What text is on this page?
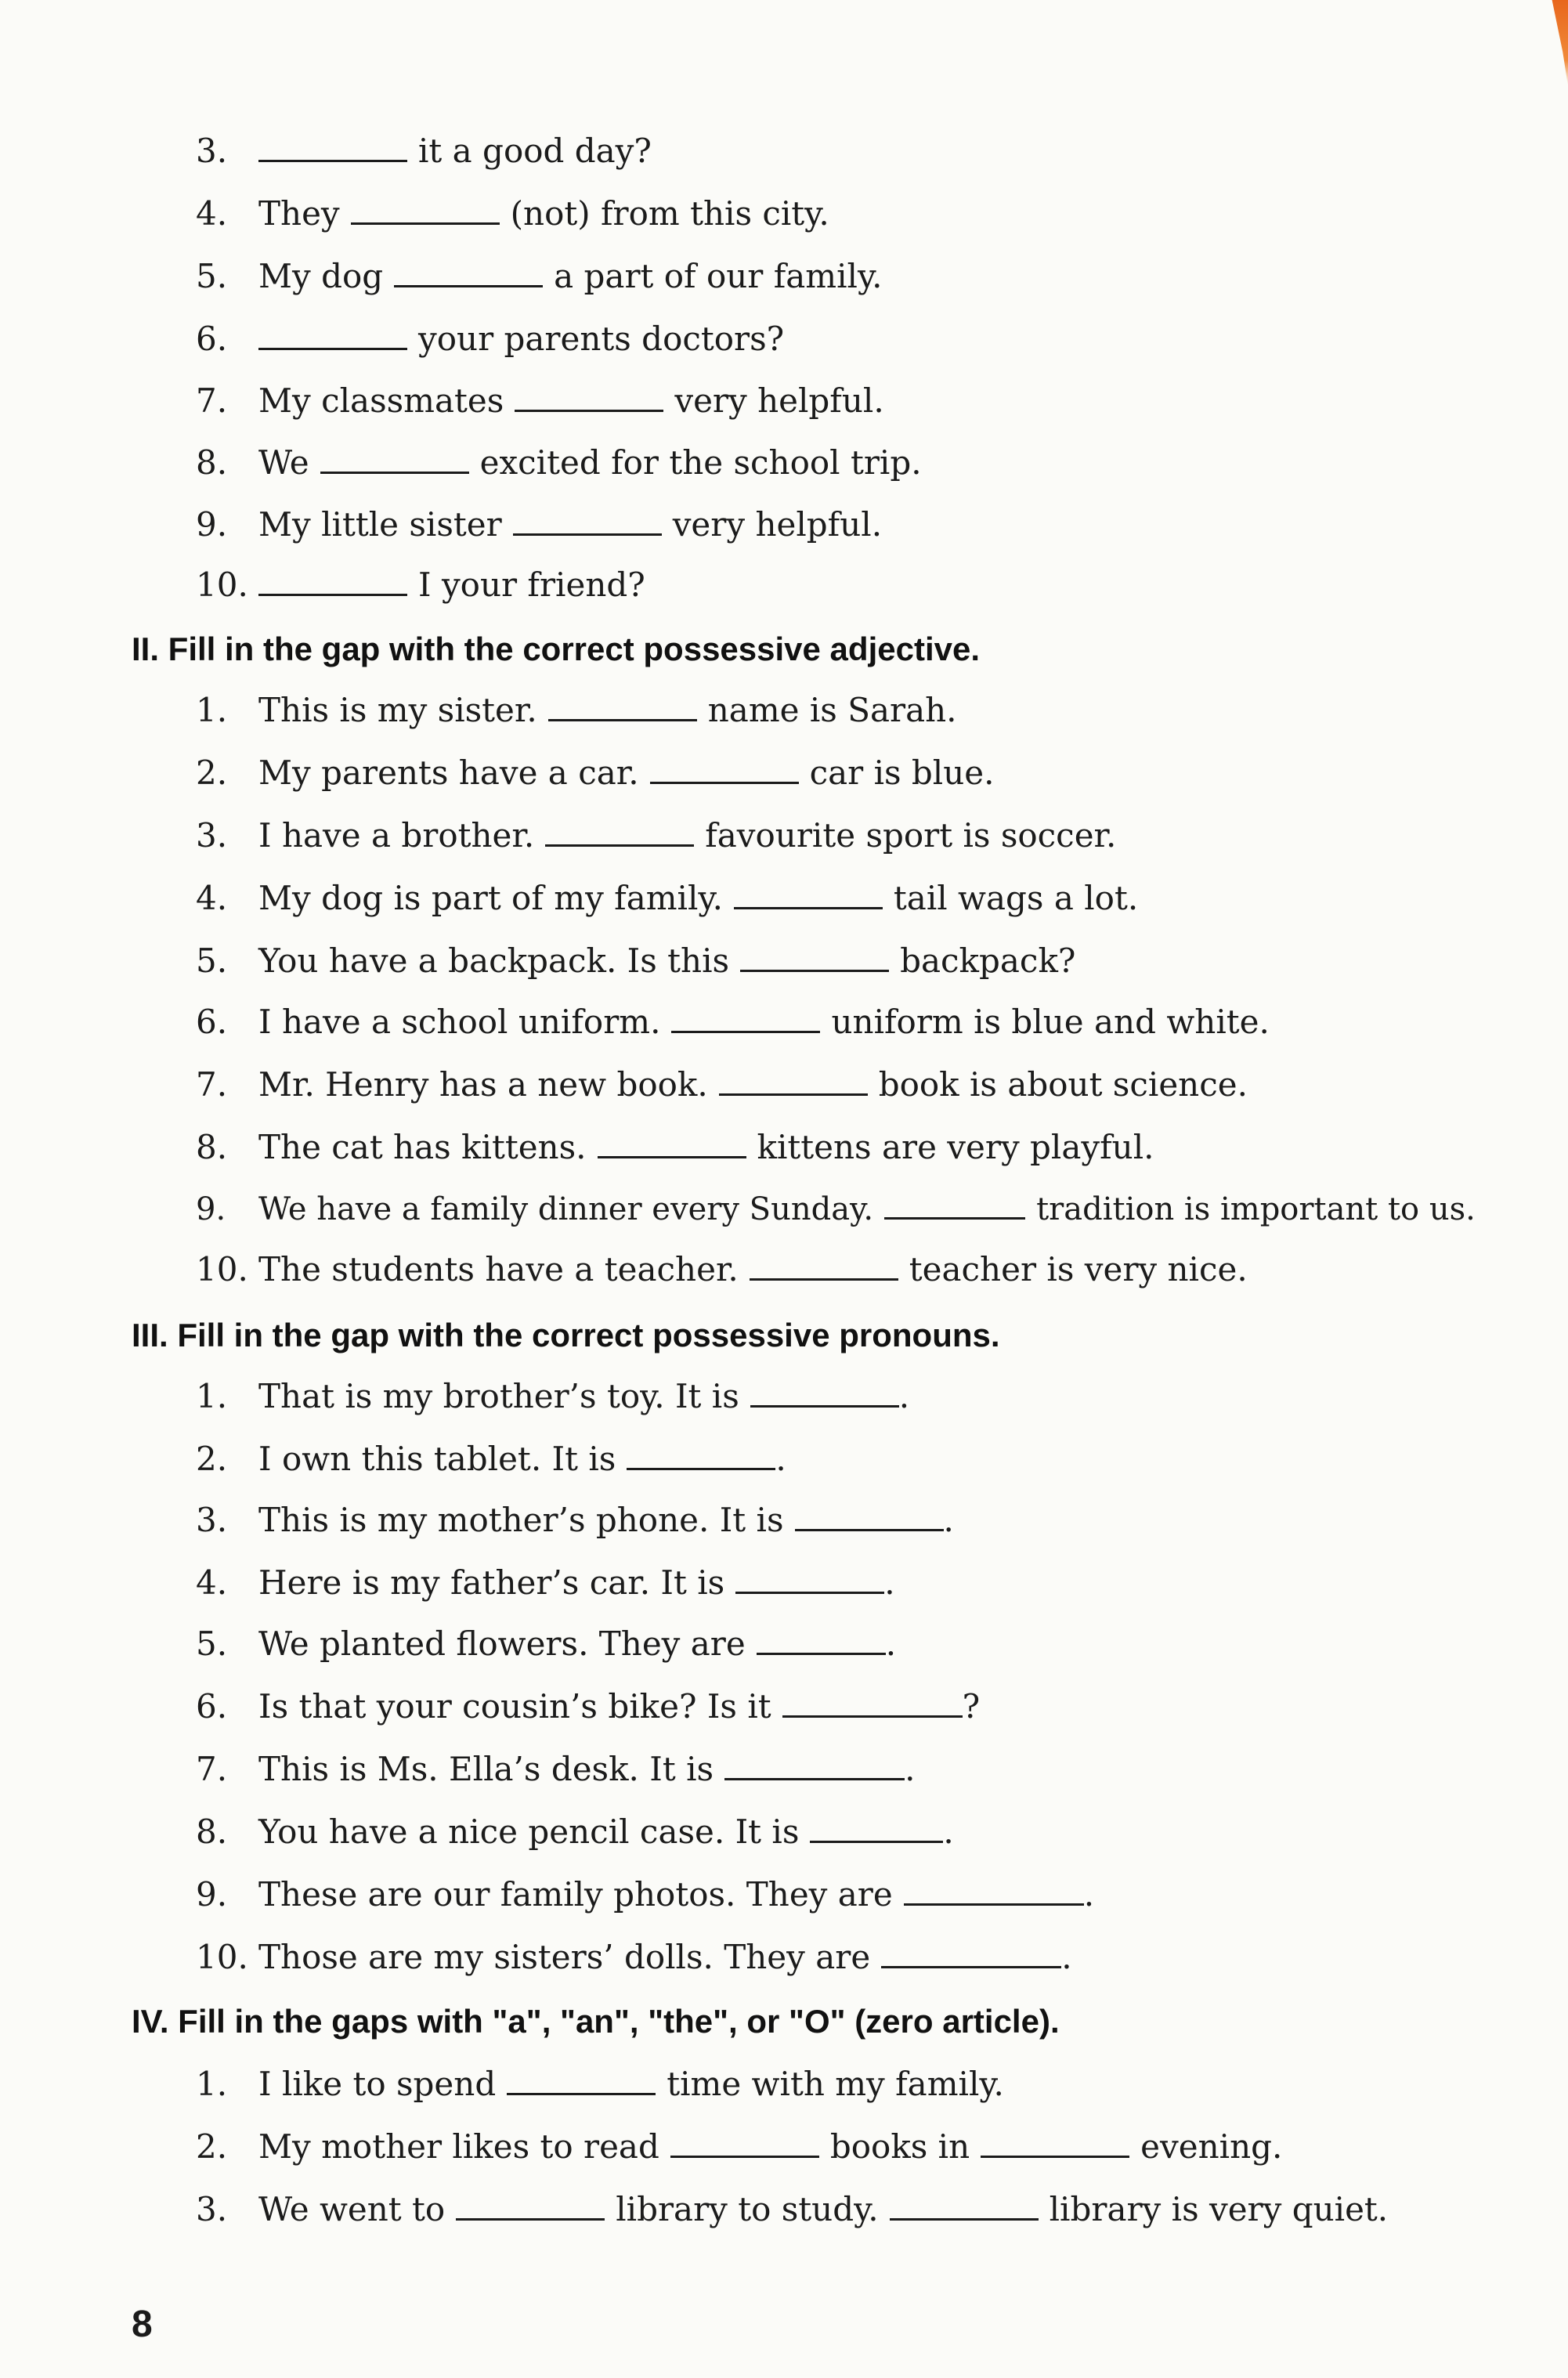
3.	it a good day?
4. They	(not) from this city.
5. My dog	a part of our family.
6.	your parents doctors?
7. My classmates	very helpful.
8. We	excited for the school trip.
9. My little sister	very helpful.
10.	I your friend?
II. Fill in the gap with the correct possessive adjective.
1. This is my sister.	name is Sarah.
2. My parents have a car.	car is blue.
3. I have a brother.	favourite sport is soccer.
4. My dog is part of my family.	tail wags a lot.
5. You have a backpack. Is this	backpack?
6. I have a school uniform.	uniform is blue and white.
7. Mr. Henry has a new book.	book is about science.
8. The cat has kittens.	kittens are very playful.
9. We have a family dinner every Sunday.	tradition is important to us.
10. The students have a teacher.	teacher is very nice.
III. Fill in the gap with the correct possessive pronouns.
1. That is my brother’s toy. It is	.
2. I own this tablet. It is	.
3. This is my mother’s phone. It is	.
4. Here is my father’s car. It is	.
5. We planted flowers. They are	.
6. Is that your cousin’s bike? Is it	?
7. This is Ms. Ella’s desk. It is	.
8. You have a nice pencil case. It is	.
9. These are our family photos. They are	.
10. Those are my sisters’ dolls. They are	.
IV. Fill in the gaps with "a", "an", "the", or "O" (zero article).
1. I like to spend	time with my family.
2. My mother likes to read	books in	evening.
3. We went to	library to study.	library is very quiet.
8
